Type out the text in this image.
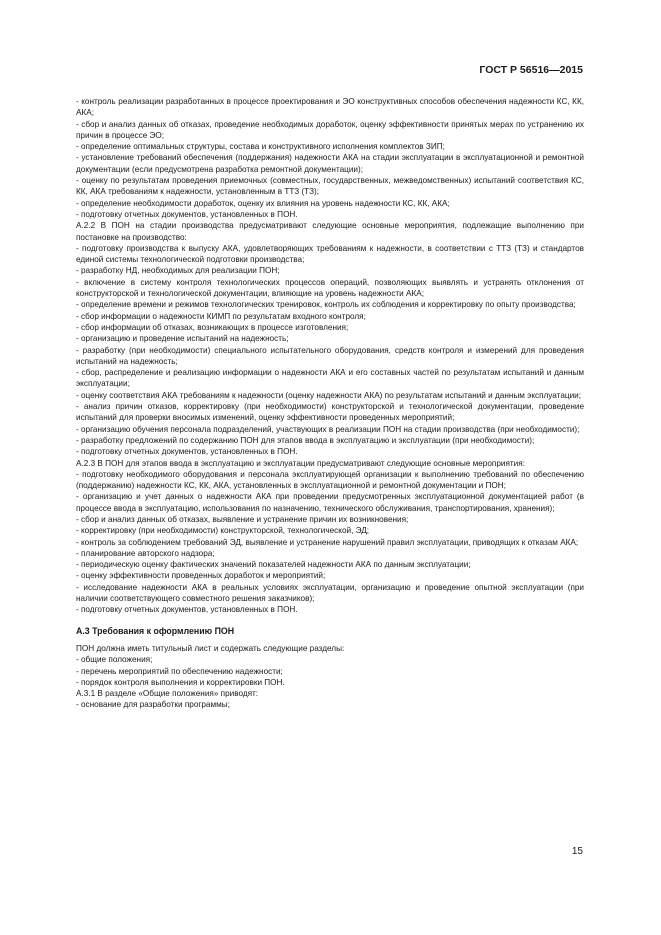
ГОСТ Р 56516—2015

- контроль реализации разработанных в процессе проектирования и ЭО конструктивных способов обеспечения надежности КС, КК, АКА;

- сбор и анализ данных об отказах, проведение необходимых доработок, оценку эффективности принятых мерах по устранению их причин в процессе ЭО;

- определение оптимальных структуры, состава и конструктивного исполнения комплектов ЗИП;

- установление требований обеспечения (поддержания) надежности АКА на стадии эксплуатации в эксплуатационной и ремонтной документации (если предусмотрена разработка ремонтной документации);

- оценку по результатам проведения приемочных (совместных, государственных, межведомственных) испытаний соответствия КС, КК, АКА требованиям к надежности, установленным в ТТЗ (ТЗ);

- определение необходимости доработок, оценку их влияния на уровень надежности КС, КК, АКА;

- подготовку отчетных документов, установленных в ПОН.

А.2.2 В ПОН на стадии производства предусматривают следующие основные мероприятия, подлежащие выполнению при постановке на производство:

- подготовку производства к выпуску АКА, удовлетворяющих требованиям к надежности, в соответствии с ТТЗ (ТЗ) и стандартов единой системы технологической подготовки производства;

- разработку НД, необходимых для реализации ПОН;

- включение в систему контроля технологических процессов операций, позволяющих выявлять и устранять отклонения от конструкторской и технологической документации, влияющие на уровень надежности АКА;

- определение времени и режимов технологических тренировок, контроль их соблюдения и корректировку по опыту производства;

- сбор информации о надежности КИМП по результатам входного контроля;

- сбор информации об отказах, возникающих в процессе изготовления;

- организацию и проведение испытаний на надежность;

- разработку (при необходимости) специального испытательного оборудования, средств контроля и измерений для проведения испытаний на надежность;

- сбор, распределение и реализацию информации о надежности АКА и его составных частей по результатам испытаний и данным эксплуатации;

- оценку соответствия АКА требованиям к надежности (оценку надежности АКА) по результатам испытаний и данным эксплуатации;

- анализ причин отказов, корректировку (при необходимости) конструкторской и технологической документации, проведение испытаний для проверки вносимых изменений, оценку эффективности проведенных мероприятий;

- организацию обучения персонала подразделений, участвующих в реализации ПОН на стадии производства (при необходимости);

- разработку предложений по содержанию ПОН для этапов ввода в эксплуатацию и эксплуатации (при необходимости);

- подготовку отчетных документов, установленных в ПОН.

А.2.3 В ПОН для этапов ввода в эксплуатацию и эксплуатации предусматривают следующие основные мероприятия:

- подготовку необходимого оборудования и персонала эксплуатирующей организации к выполнению требований по обеспечению (поддержанию) надежности КС, КК, АКА, установленных в эксплуатационной и ремонтной документации и ПОН;

- организацию и учет данных о надежности АКА при проведении предусмотренных эксплуатационной документацией работ (в процессе ввода в эксплуатацию, использования по назначению, технического обслуживания, транспортирования, хранения);

- сбор и анализ данных об отказах, выявление и устранение причин их возникновения;

- корректировку (при необходимости) конструкторской, технологической, ЭД;

- контроль за соблюдением требований ЭД, выявление и устранение нарушений правил эксплуатации, приводящих к отказам АКА;

- планирование авторского надзора;

- периодическую оценку фактических значений показателей надежности АКА по данным эксплуатации;

- оценку эффективности проведенных доработок и мероприятий;

- исследование надежности АКА в реальных условиях эксплуатации, организацию и проведение опытной эксплуатации (при наличии соответствующего совместного решения заказчиков);

- подготовку отчетных документов, установленных в ПОН.

А.3 Требования к оформлению ПОН

ПОН должна иметь титульный лист и содержать следующие разделы:

- общие положения;

- перечень мероприятий по обеспечению надежности;

- порядок контроля выполнения и корректировки ПОН.

А.3.1 В разделе «Общие положения» приводят:

- основание для разработки программы;

15
